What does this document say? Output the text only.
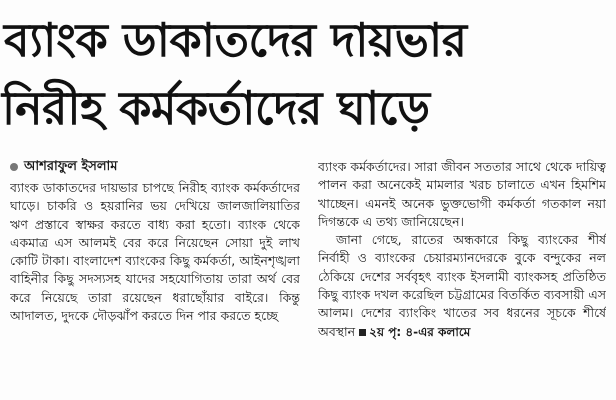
ব্যাংক ডাকাতদের দায়ভার
নিরীহ কর্মকর্তাদের ঘাড়ে
আশরাফুল ইসলাম

ব্যাংক ডাকাতদের দায়ভার চাপছে নিরীহ ব্যাংক কর্মকর্তাদের ঘাড়ে। চাকরি ও হয়রানির ভয় দেখিয়ে জালজালিয়াতির ঋণ প্রস্তাবে স্বাক্ষর করতে বাধ্য করা হতো। ব্যাংক থেকে একমাত্র এস আলমই বের করে নিয়েছেন সোয়া দুই লাখ কোটি টাকা। বাংলাদেশ ব্যাংকের কিছু কর্মকর্তা, আইনশৃঙ্খলা বাহিনীর কিছু সদস্যসহ যাদের সহযোগিতায় তারা অর্থ বের করে নিয়েছে তারা রয়েছেন ধরাছোঁয়ার বাইরে। কিন্তু আদালত, দুদকে দৌড়ঝাঁপ করতে দিন পার করতে হচ্ছে

ব্যাংক কর্মকর্তাদের। সারা জীবন সততার সাথে থেকে দায়িত্ব পালন করা অনেকেই মামলার খরচ চালাতে এখন হিমশিম খাচ্ছেন। এমনই অনেক ভুক্তভোগী কর্মকর্তা গতকাল নয়া দিগন্তকে এ তথ্য জানিয়েছেন।

জানা গেছে, রাতের অন্ধকারে কিছু ব্যাংকের শীর্ষ নির্বাহী ও ব্যাংকের চেয়ারম্যানদেরকে বুকে বন্দুকের নল ঠেকিয়ে দেশের সর্ববৃহৎ ব্যাংক ইসলামী ব্যাংকসহ প্রতিষ্ঠিত কিছু ব্যাংক দখল করেছিল চট্টগ্রামের বিতর্কিত ব্যবসায়ী এস আলম। দেশের ব্যাংকিং খাতের সব ধরনের সূচকে শীর্ষে অবস্থান ২য় পৃ: ৪-এর কলামে
